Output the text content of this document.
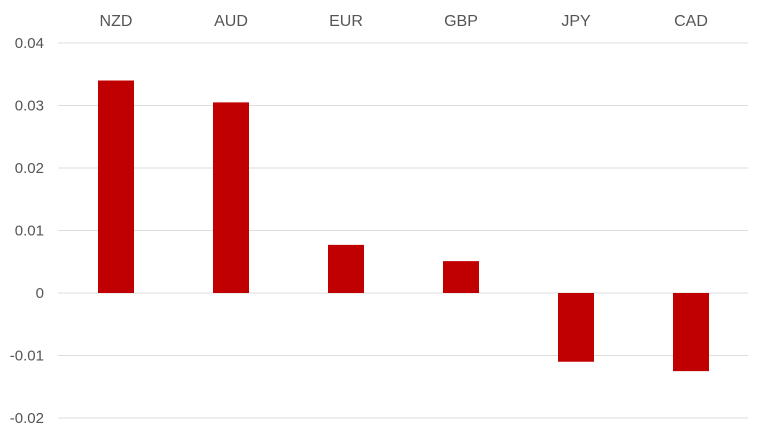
0.04
0.03
0.02
0.01
0
-0.01
-0.02
NZD	AUD	EUR	GBP	JPY	CAD
